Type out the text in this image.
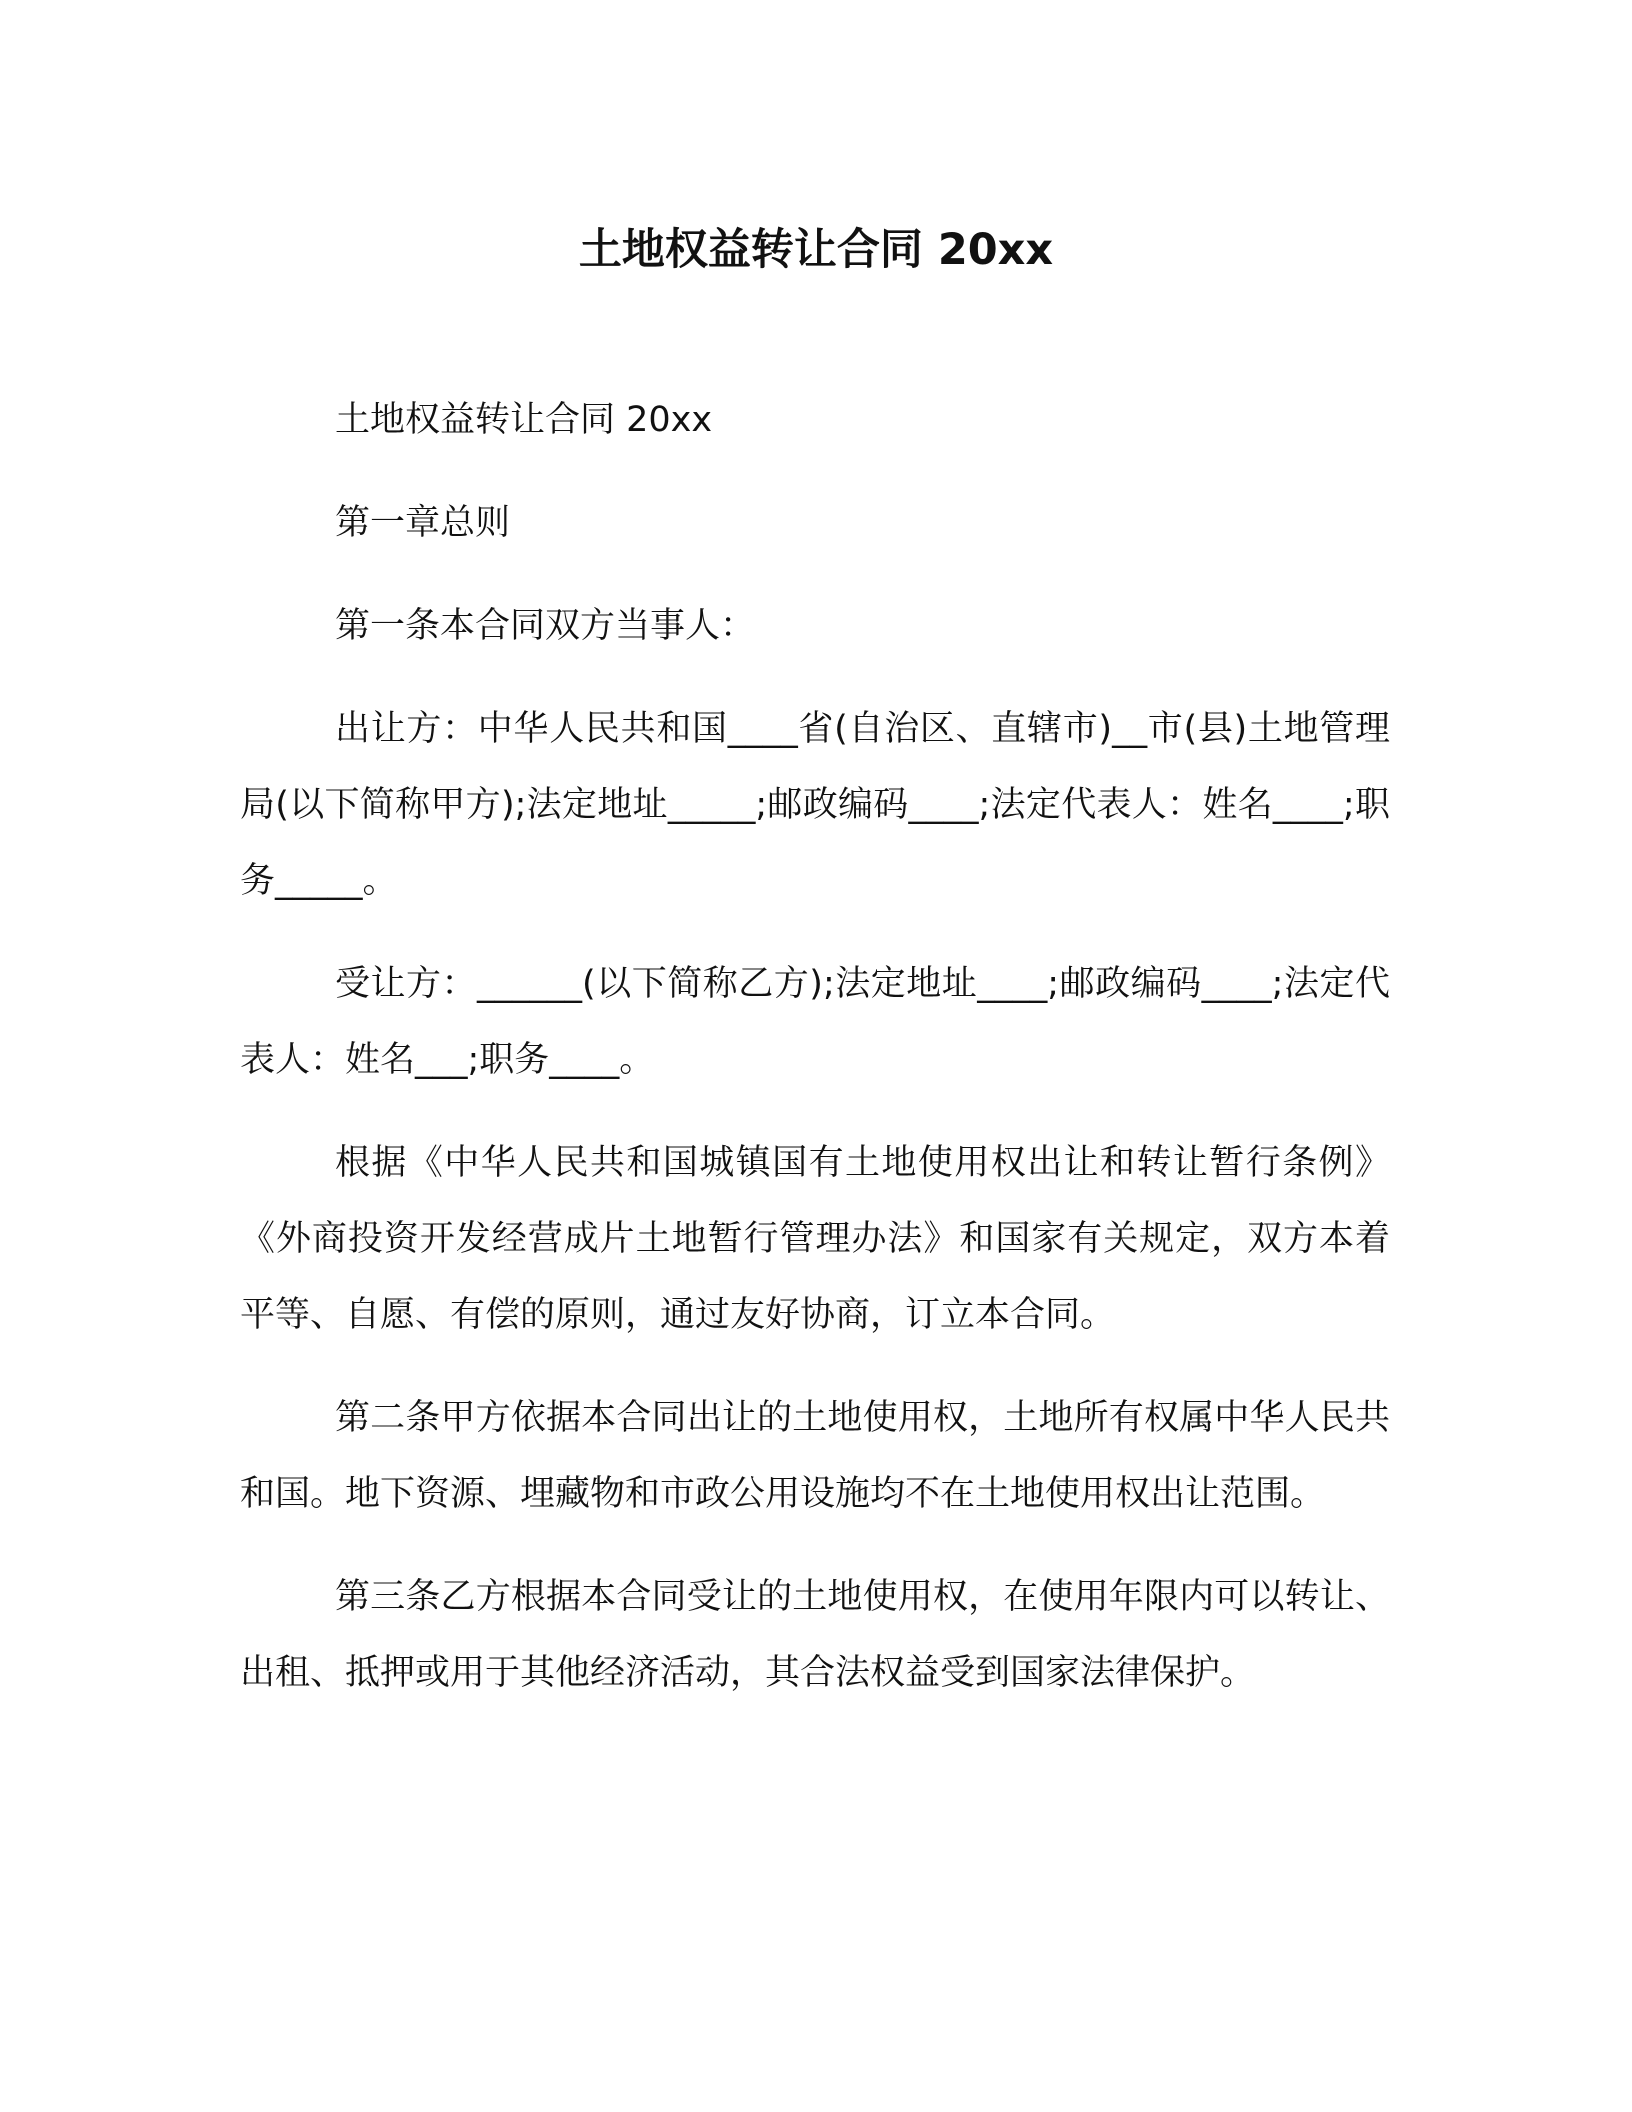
土地权益转让合同 20xx

土地权益转让合同 20xx

第一章总则

第一条本合同双方当事人：

出让方：中华人民共和国____省(自治区、直辖市)__市(县)土地管理局(以下简称甲方);法定地址_____;邮政编码____;法定代表人：姓名____;职务_____。

受让方：______(以下简称乙方);法定地址____;邮政编码____;法定代表人：姓名___;职务____。

根据《中华人民共和国城镇国有土地使用权出让和转让暂行条例》《外商投资开发经营成片土地暂行管理办法》和国家有关规定，双方本着平等、自愿、有偿的原则，通过友好协商，订立本合同。

第二条甲方依据本合同出让的土地使用权，土地所有权属中华人民共和国。地下资源、埋藏物和市政公用设施均不在土地使用权出让范围。

第三条乙方根据本合同受让的土地使用权，在使用年限内可以转让、出租、抵押或用于其他经济活动，其合法权益受到国家法律保护。
